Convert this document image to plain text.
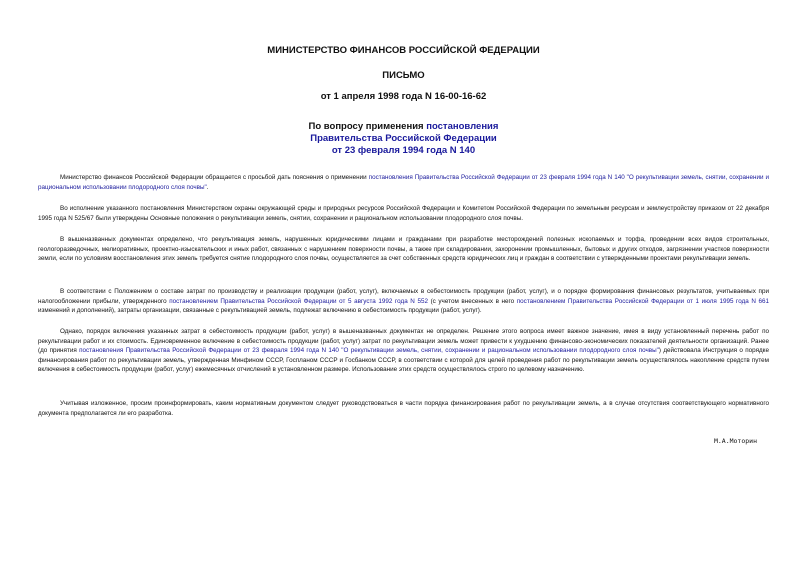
МИНИСТЕРСТВО ФИНАНСОВ РОССИЙСКОЙ ФЕДЕРАЦИИ

ПИСЬМО

от 1 апреля 1998 года N 16-00-16-62

По вопросу применения постановления
Правительства Российской Федерации
от 23 февраля 1994 года N 140

Министерство финансов Российской Федерации обращается с просьбой дать пояснения о применении постановления Правительства Российской Федерации от 23 февраля 1994 года N 140 "О рекультивации земель, снятии, сохранении и рациональном использовании плодородного слоя почвы".

Во исполнение указанного постановления Министерством охраны окружающей среды и природных ресурсов Российской Федерации и Комитетом Российской Федерации по земельным ресурсам и землеустройству приказом от 22 декабря 1995 года N 525/67 были утверждены Основные положения о рекультивации земель, снятии, сохранении и рациональном использовании плодородного слоя почвы.

В вышеназванных документах определено, что рекультивация земель, нарушенных юридическими лицами и гражданами при разработке месторождений полезных ископаемых и торфа, проведении всех видов строительных, геологоразведочных, мелиоративных, проектно-изыскательских и иных работ, связанных с нарушением поверхности почвы, а также при складировании, захоронении промышленных, бытовых и других отходов, загрязнении участков поверхности земли, если по условиям восстановления этих земель требуется снятие плодородного слоя почвы, осуществляется за счет собственных средств юридических лиц и граждан в соответствии с утвержденными проектами рекультивации земель.

В соответствии с Положением о составе затрат по производству и реализации продукции (работ, услуг), включаемых в себестоимость продукции (работ, услуг), и о порядке формирования финансовых результатов, учитываемых при налогообложении прибыли, утвержденного постановлением Правительства Российской Федерации от 5 августа 1992 года N 552 (с учетом внесенных в него постановлением Правительства Российской Федерации от 1 июля 1995 года N 661 изменений и дополнений), затраты организации, связанные с рекультивацией земель, подлежат включению в себестоимость продукции (работ, услуг).

Однако, порядок включения указанных затрат в себестоимость продукции (работ, услуг) в вышеназванных документах не определен. Решение этого вопроса имеет важное значение, имея в виду установленный перечень работ по рекультивации работ и их стоимость. Единовременное включение в себестоимость продукции (работ, услуг) затрат по рекультивации земель может привести к ухудшению финансово-экономических показателей деятельности организаций. Ранее (до принятия постановления Правительства Российской Федерации от 23 февраля 1994 года N 140 "О рекультивации земель, снятии, сохранении и рациональном использовании плодородного слоя почвы") действовала Инструкция о порядке финансирования работ по рекультивации земель, утвержденная Минфином СССР, Госпланом СССР и Госбанком СССР, в соответствии с которой для целей проведения работ по рекультивации земель осуществлялось накопление средств путем включения в себестоимость продукции (работ, услуг) ежемесячных отчислений в установленном размере. Использование этих средств осуществлялось строго по целевому назначению.

Учитывая изложенное, просим проинформировать, каким нормативным документом следует руководствоваться в части порядка финансирования работ по рекультивации земель, а в случае отсутствия соответствующего нормативного документа предполагается ли его разработка.

М.А.Моторин
